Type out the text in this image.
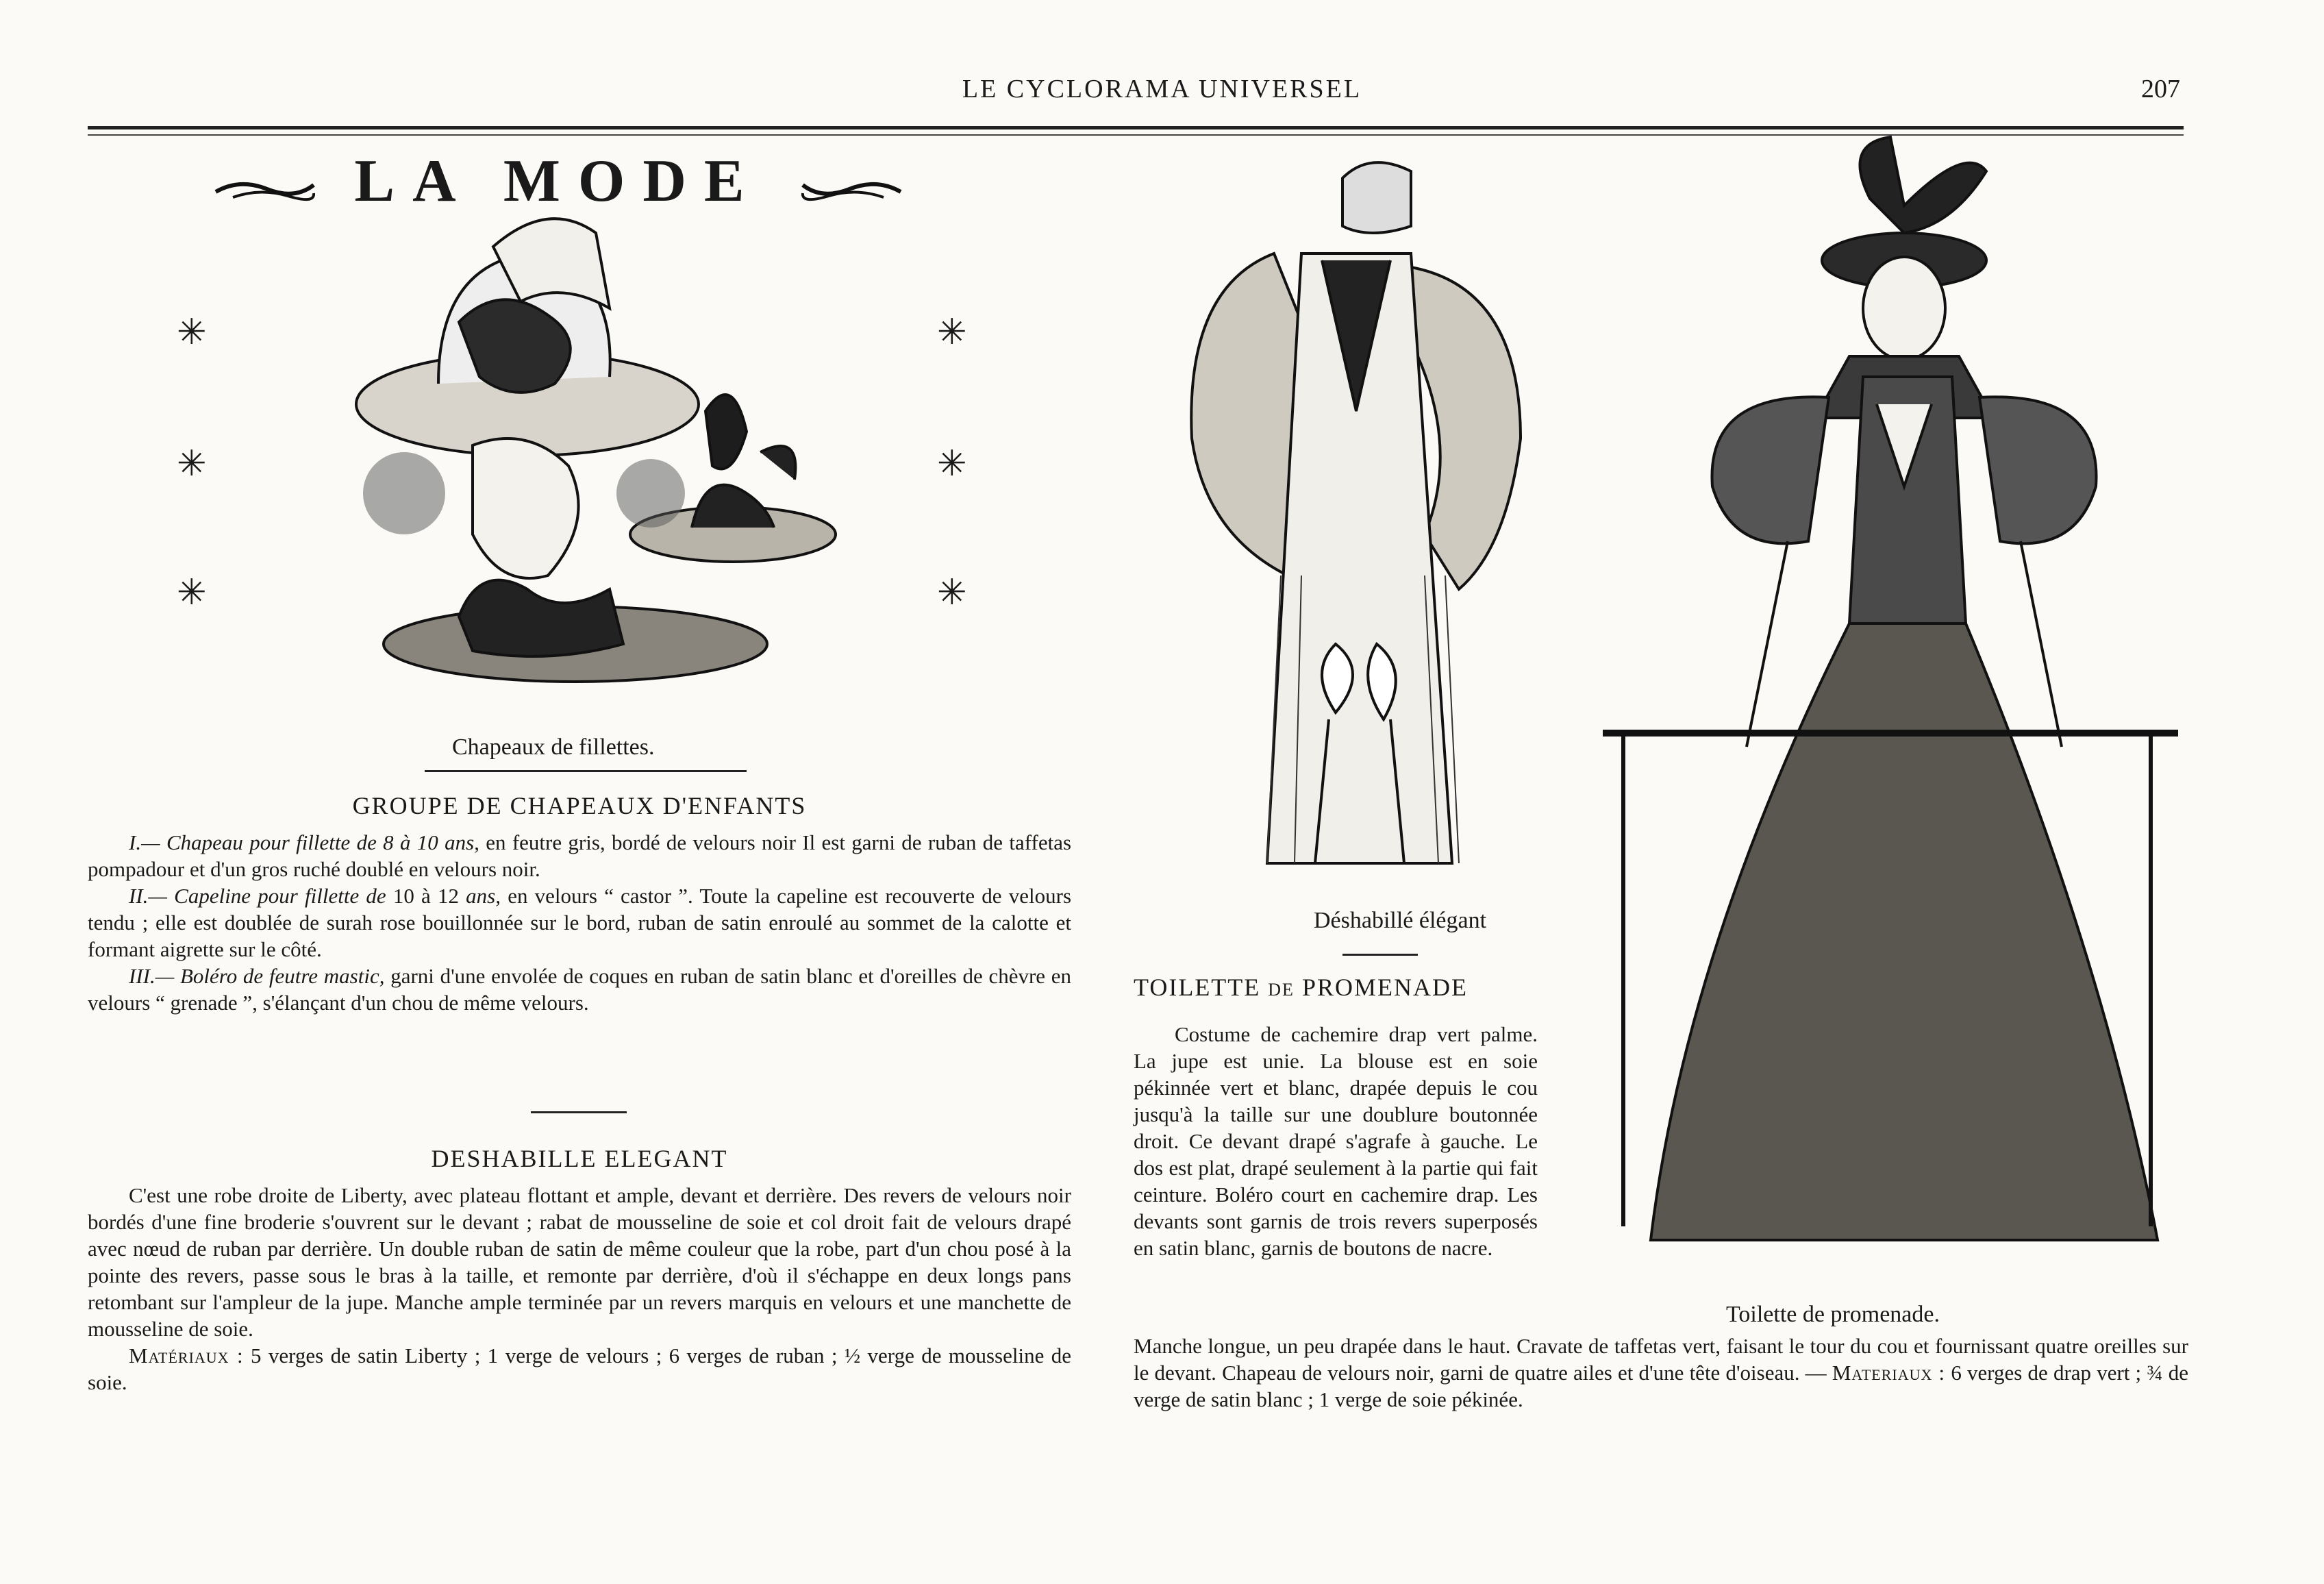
LE CYCLORAMA UNIVERSEL	207
LA MODE
✳
✳
✳
✳
✳
✳
Chapeaux de fillettes.
GROUPE DE CHAPEAUX D'ENFANTS

I.— Chapeau pour fillette de 8 à 10 ans, en feutre gris, bordé de velours noir Il est garni de ruban de taffetas pompadour et d'un gros ruché doublé en velours noir.

II.— Capeline pour fillette de 10 à 12 ans, en velours “ castor ”. Toute la capeline est recouverte de velours tendu ; elle est doublée de surah rose bouillonnée sur le bord, ruban de satin enroulé au sommet de la calotte et formant aigrette sur le côté.

III.— Boléro de feutre mastic, garni d'une envolée de coques en ruban de satin blanc et d'oreilles de chèvre en velours “ grenade ”, s'élançant d'un chou de même velours.

DESHABILLE ELEGANT

C'est une robe droite de Liberty, avec plateau flottant et ample, devant et derrière. Des revers de velours noir bordés d'une fine broderie s'ouvrent sur le devant ; rabat de mousseline de soie et col droit fait de velours drapé avec nœud de ruban par derrière. Un double ruban de satin de même couleur que la robe, part d'un chou posé à la pointe des revers, passe sous le bras à la taille, et remonte par derrière, d'où il s'échappe en deux longs pans retombant sur l'ampleur de la jupe. Manche ample terminée par un revers marquis en velours et une manchette de mousseline de soie.

Matériaux : 5 verges de satin Liberty ; 1 verge de velours ; 6 verges de ruban ; ½ verge de mousseline de soie.

Déshabillé élégant
TOILETTE DE PROMENADE

Costume de cachemire drap vert palme. La jupe est unie. La blouse est en soie pékinnée vert et blanc, drapée depuis le cou jusqu'à la taille sur une doublure boutonnée droit. Ce devant drapé s'agrafe à gauche. Le dos est plat, drapé seulement à la partie qui fait ceinture. Boléro court en cachemire drap. Les devants sont garnis de trois revers superposés en satin blanc, garnis de boutons de nacre.

Toilette de promenade.

Manche longue, un peu drapée dans le haut. Cravate de taffetas vert, faisant le tour du cou et fournissant quatre oreilles sur le devant. Chapeau de velours noir, garni de quatre ailes et d'une tête d'oiseau. — Materiaux : 6 verges de drap vert ; ¾ de verge de satin blanc ; 1 verge de soie pékinée.
